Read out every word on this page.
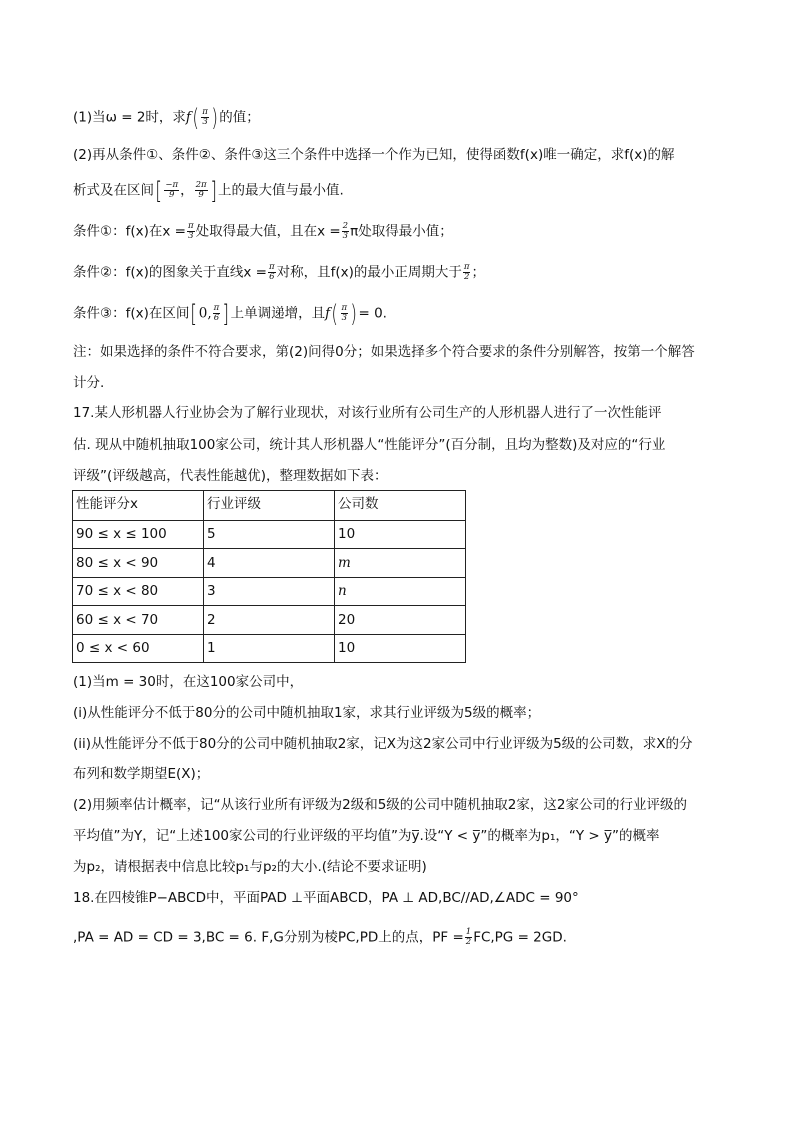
(1)当ω = 2时，求$f( \frac{\pi}{3}$ )的值；
(2)再从条件①、条件②、条件③这三个条件中选择一个作为已知，使得函数f(x)唯一确定，求f(x)的解
析式及在区间[ $\frac{-\pi}{9}$ ， $\frac{2\pi}{9}$ ]上的最大值与最小值.
条件①：f(x)在$x = \frac{\pi}{3}$ 处取得最大值，且在$x = \frac{2}{3}$ π处取得最小值；
条件②：f(x)的图象关于直线$x = \frac{\pi}{6}$ 对称，且f(x)的最小正周期大于 $\frac{\pi}{2}$ ；
条件③：f(x)在区间[0, $\frac{\pi}{6}$ ]上单调递增，且$f( \frac{\pi}{3}$ )= 0.
注：如果选择的条件不符合要求，第(2)问得0分；如果选择多个符合要求的条件分别解答，按第一个解答
计分.
17.某人形机器人行业协会为了解行业现状，对该行业所有公司生产的人形机器人进行了一次性能评
估. 现从中随机抽取100家公司，统计其人形机器人“性能评分”(百分制，且均为整数)及对应的“行业
评级”(评级越高，代表性能越优)，整理数据如下表：
性能评分x	行业评级	公司数
90 ≤ x ≤ 100	5	10
80 ≤ x < 90	4	m
70 ≤ x < 80	3	n
60 ≤ x < 70	2	20
0 ≤ x < 60	1	10
(1)当m = 30时，在这100家公司中，
(i)从性能评分不低于80分的公司中随机抽取1家，求其行业评级为5级的概率；
(ii)从性能评分不低于80分的公司中随机抽取2家，记X为这2家公司中行业评级为5级的公司数，求X的分
布列和数学期望E(X)；
(2)用频率估计概率，记“从该行业所有评级为2级和5级的公司中随机抽取2家，这2家公司的行业评级的
平均值”为Y，记“上述100家公司的行业评级的平均值”为y̅.设“Y < y̅”的概率为p₁，“Y > y̅”的概率
为p₂，请根据表中信息比较p₁与p₂的大小.(结论不要求证明)
18.在四棱锥P−ABCD中，平面PAD ⊥平面ABCD，PA ⊥ AD,BC//AD,∠ADC = 90°
,PA = AD = CD = 3,BC = 6. F,G分别为棱PC,PD上的点，PF = $\frac{1}{2} FC,PG = 2GD$.
